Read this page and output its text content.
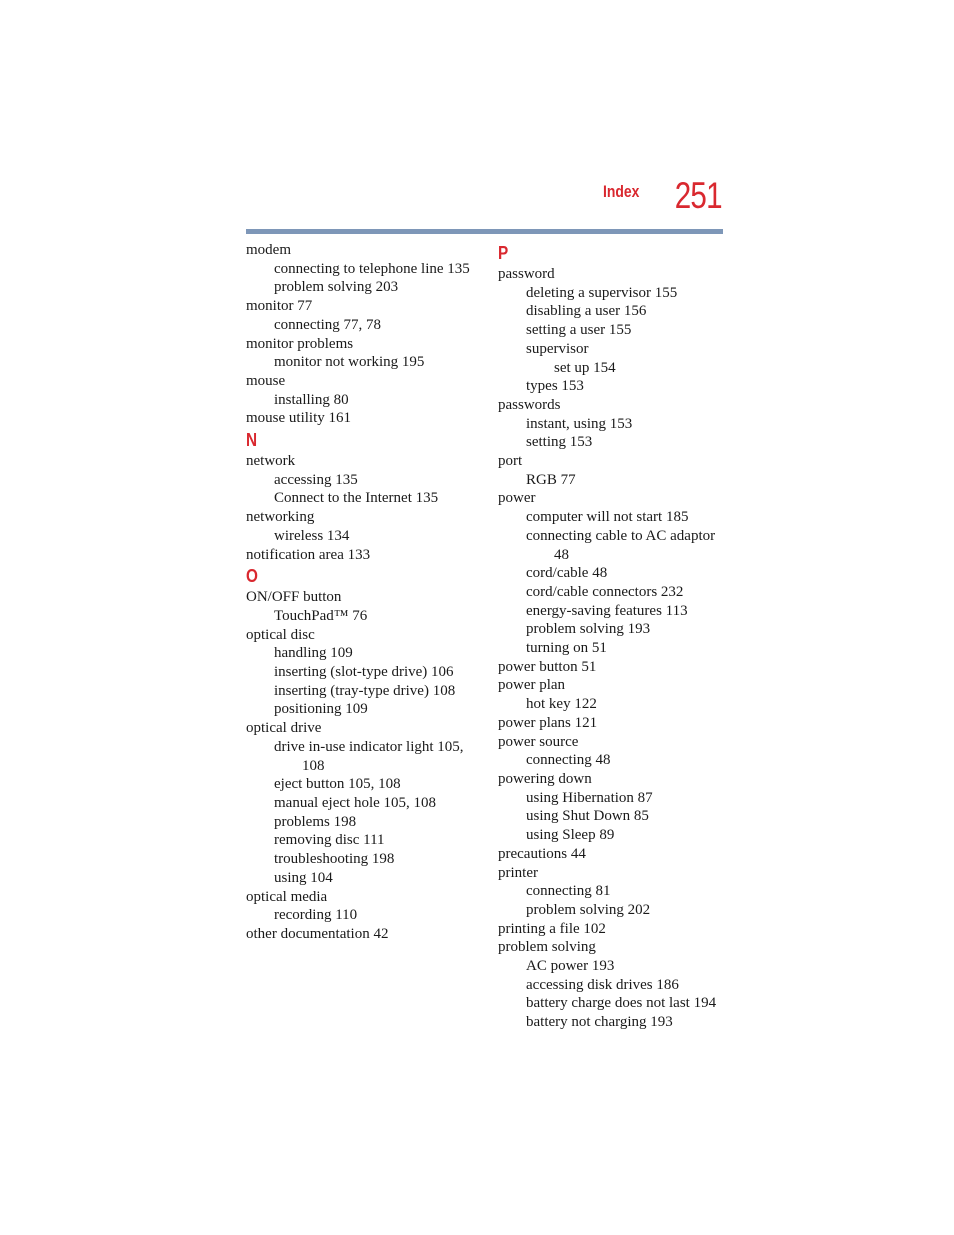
Index 251
modem
connecting to telephone line 135
problem solving 203
monitor 77
connecting 77, 78
monitor problems
monitor not working 195
mouse
installing 80
mouse utility 161
N
network
accessing 135
Connect to the Internet 135
networking
wireless 134
notification area 133
O
ON/OFF button
TouchPad™ 76
optical disc
handling 109
inserting (slot-type drive) 106
inserting (tray-type drive) 108
positioning 109
optical drive
drive in-use indicator light 105,
108
eject button 105, 108
manual eject hole 105, 108
problems 198
removing disc 111
troubleshooting 198
using 104
optical media
recording 110
other documentation 42
P
password
deleting a supervisor 155
disabling a user 156
setting a user 155
supervisor
set up 154
types 153
passwords
instant, using 153
setting 153
port
RGB 77
power
computer will not start 185
connecting cable to AC adaptor
48
cord/cable 48
cord/cable connectors 232
energy-saving features 113
problem solving 193
turning on 51
power button 51
power plan
hot key 122
power plans 121
power source
connecting 48
powering down
using Hibernation 87
using Shut Down 85
using Sleep 89
precautions 44
printer
connecting 81
problem solving 202
printing a file 102
problem solving
AC power 193
accessing disk drives 186
battery charge does not last 194
battery not charging 193
